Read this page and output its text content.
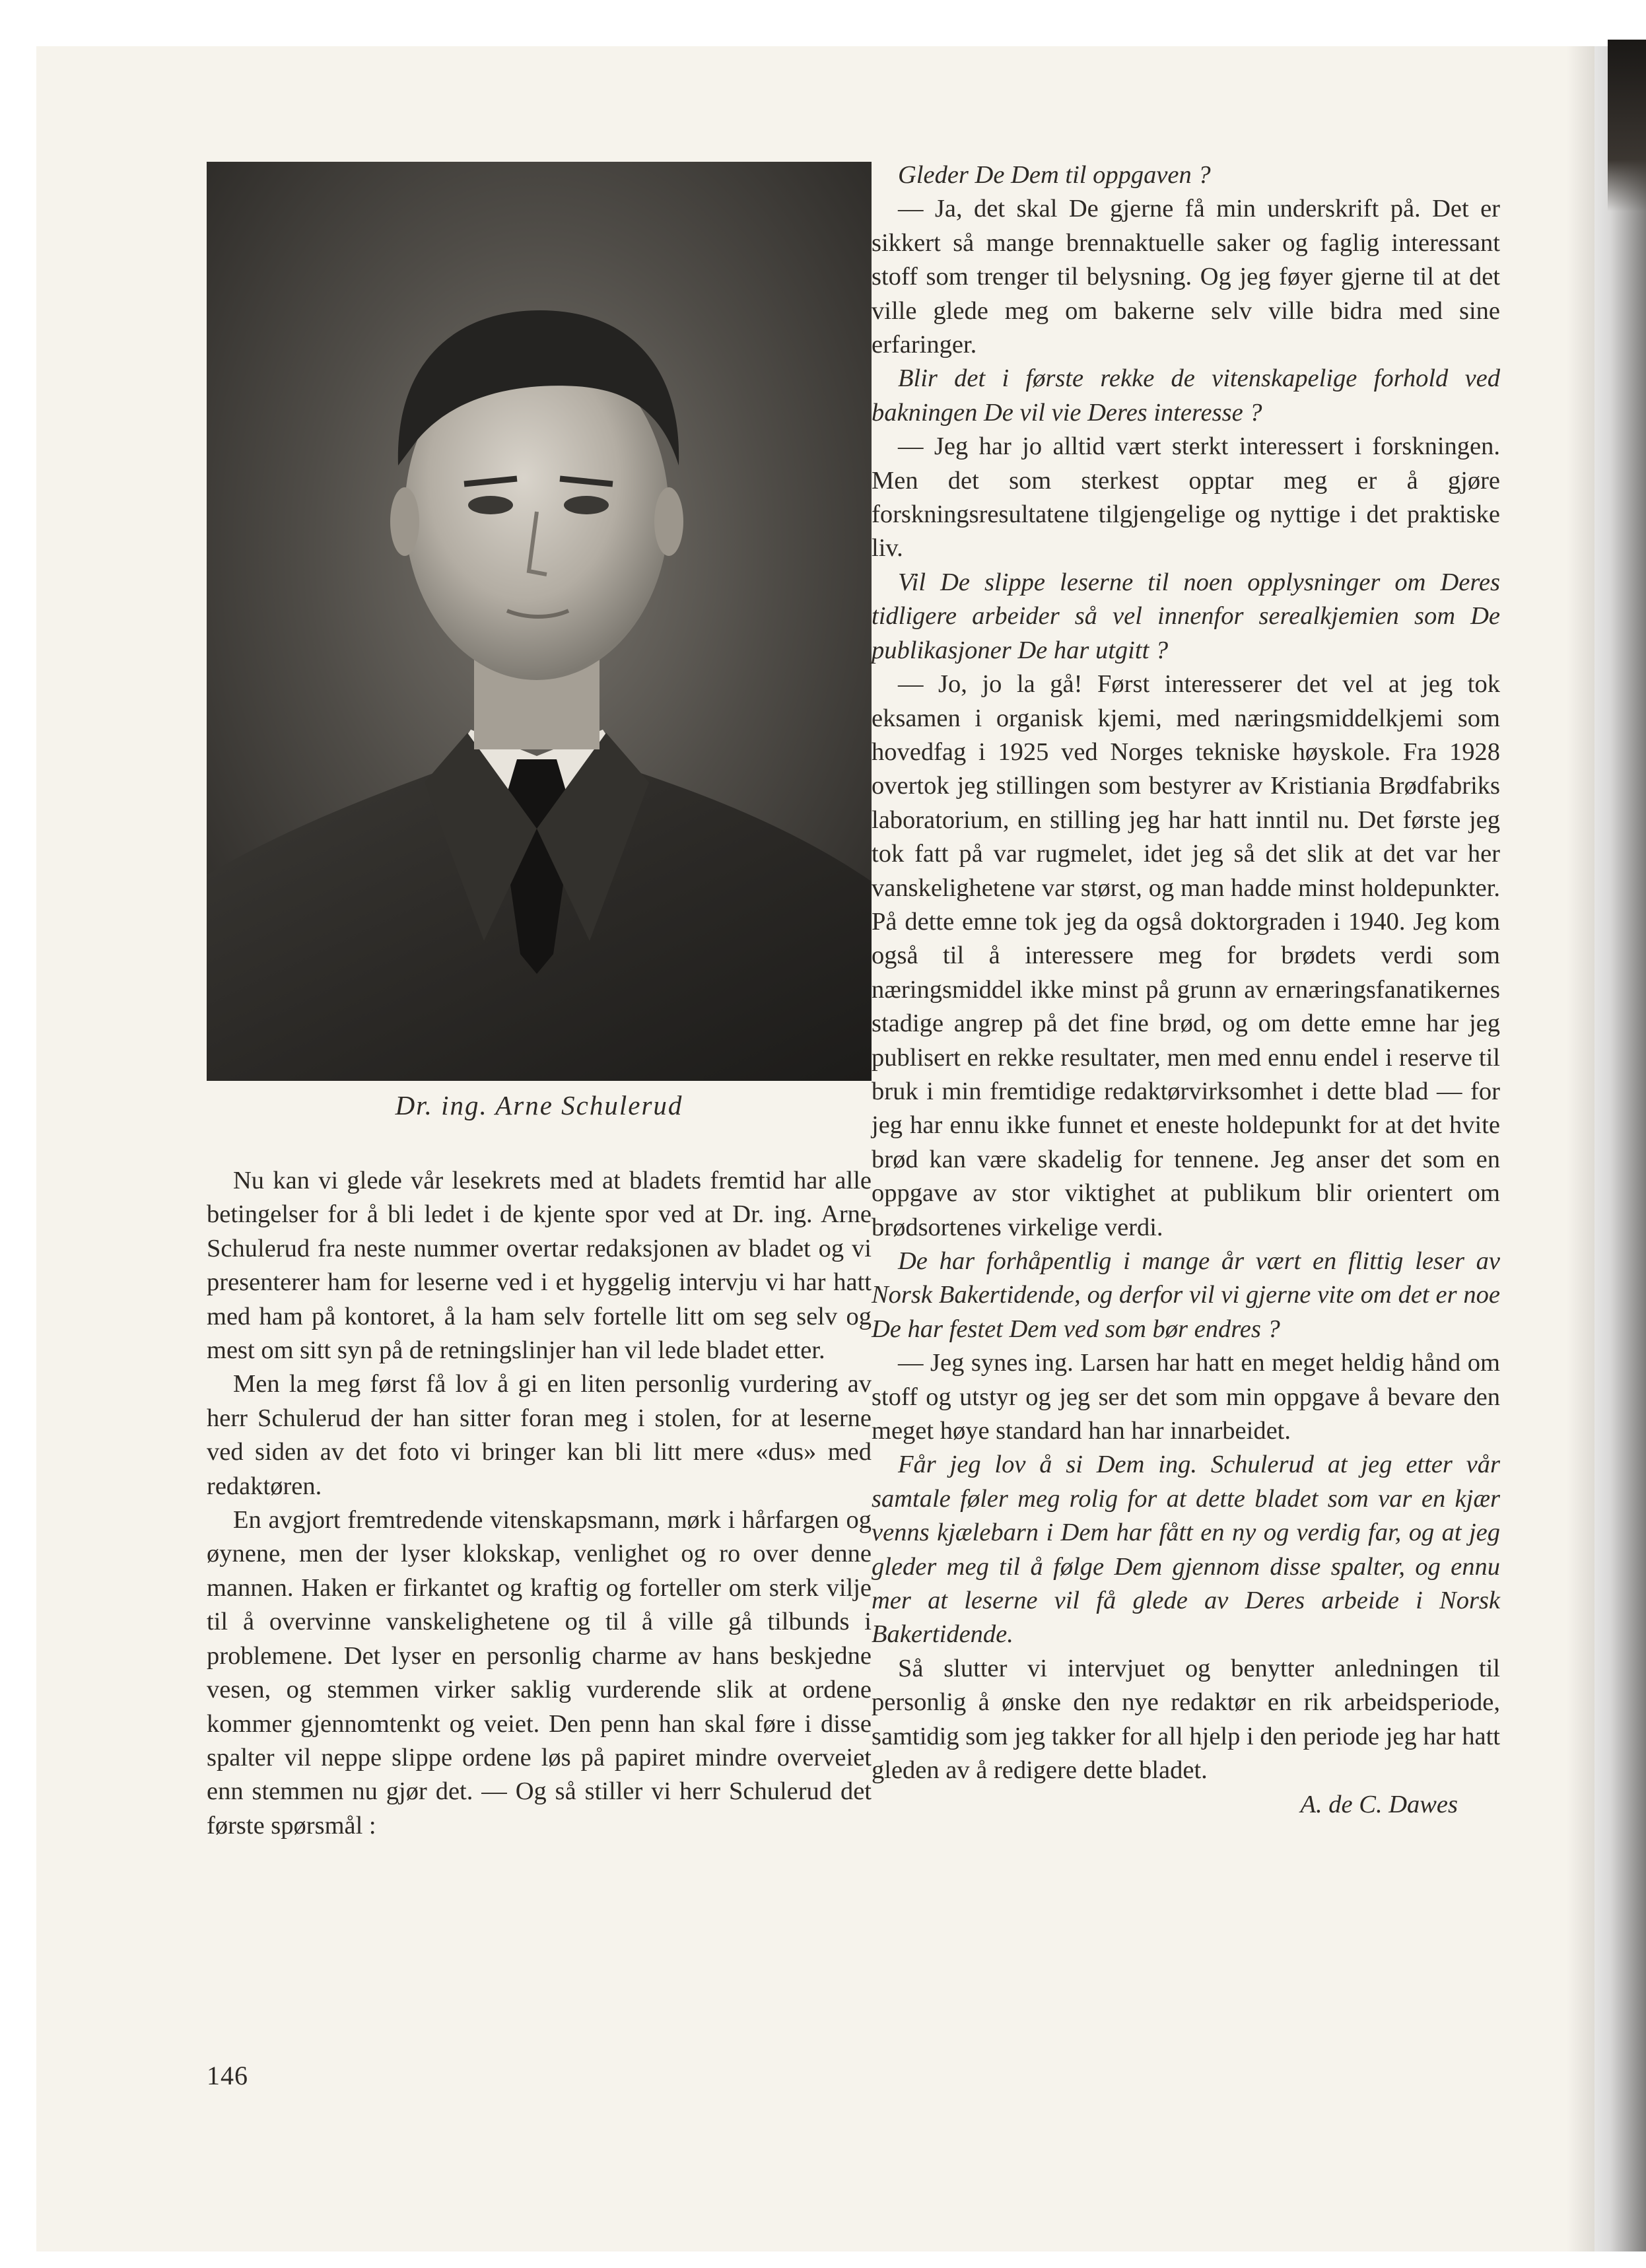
Dr. ing. Arne Schulerud

Nu kan vi glede vår lesekrets med at bladets fremtid har alle betingelser for å bli ledet i de kjente spor ved at Dr. ing. Arne Schulerud fra neste nummer overtar redaksjonen av bladet og vi presenterer ham for leserne ved i et hyggelig intervju vi har hatt med ham på kontoret, å la ham selv fortelle litt om seg selv og mest om sitt syn på de retningslinjer han vil lede bladet etter.

Men la meg først få lov å gi en liten personlig vurdering av herr Schulerud der han sitter foran meg i stolen, for at leserne ved siden av det foto vi bringer kan bli litt mere «dus» med redaktøren.

En avgjort fremtredende vitenskapsmann, mørk i hårfargen og øynene, men der lyser klokskap, venlighet og ro over denne mannen. Haken er firkantet og kraftig og forteller om sterk vilje til å overvinne vanskelighetene og til å ville gå tilbunds i problemene. Det lyser en personlig charme av hans beskjedne vesen, og stemmen virker saklig vurderende slik at ordene kommer gjennomtenkt og veiet. Den penn han skal føre i disse spalter vil neppe slippe ordene løs på papiret mindre overveiet enn stemmen nu gjør det. — Og så stiller vi herr Schulerud det første spørsmål :

Gleder De Dem til oppgaven ?

— Ja, det skal De gjerne få min underskrift på. Det er sikkert så mange brennaktuelle saker og faglig interessant stoff som trenger til belysning. Og jeg føyer gjerne til at det ville glede meg om bakerne selv ville bidra med sine erfaringer.

Blir det i første rekke de vitenskapelige forhold ved bakningen De vil vie Deres interesse ?

— Jeg har jo alltid vært sterkt interessert i forskningen. Men det som sterkest opptar meg er å gjøre forskningsresultatene tilgjengelige og nyttige i det praktiske liv.

Vil De slippe leserne til noen opplysninger om Deres tidligere arbeider så vel innenfor serealkjemien som De publikasjoner De har utgitt ?

— Jo, jo la gå! Først interesserer det vel at jeg tok eksamen i organisk kjemi, med næringsmiddelkjemi som hovedfag i 1925 ved Norges tekniske høyskole. Fra 1928 overtok jeg stillingen som bestyrer av Kristiania Brødfabriks laboratorium, en stilling jeg har hatt inntil nu. Det første jeg tok fatt på var rugmelet, idet jeg så det slik at det var her vanskelighetene var størst, og man hadde minst holdepunkter. På dette emne tok jeg da også doktorgraden i 1940. Jeg kom også til å interessere meg for brødets verdi som næringsmiddel ikke minst på grunn av ernæringsfanatikernes stadige angrep på det fine brød, og om dette emne har jeg publisert en rekke resultater, men med ennu endel i reserve til bruk i min fremtidige redaktørvirksomhet i dette blad — for jeg har ennu ikke funnet et eneste holdepunkt for at det hvite brød kan være skadelig for tennene. Jeg anser det som en oppgave av stor viktighet at publikum blir orientert om brødsortenes virkelige verdi.

De har forhåpentlig i mange år vært en flittig leser av Norsk Bakertidende, og derfor vil vi gjerne vite om det er noe De har festet Dem ved som bør endres ?

— Jeg synes ing. Larsen har hatt en meget heldig hånd om stoff og utstyr og jeg ser det som min oppgave å bevare den meget høye standard han har innarbeidet.

Får jeg lov å si Dem ing. Schulerud at jeg etter vår samtale føler meg rolig for at dette bladet som var en kjær venns kjælebarn i Dem har fått en ny og verdig far, og at jeg gleder meg til å følge Dem gjennom disse spalter, og ennu mer at leserne vil få glede av Deres arbeide i Norsk Bakertidende.

Så slutter vi intervjuet og benytter anledningen til personlig å ønske den nye redaktør en rik arbeidsperiode, samtidig som jeg takker for all hjelp i den periode jeg har hatt gleden av å redigere dette bladet.

A. de C. Dawes

146
